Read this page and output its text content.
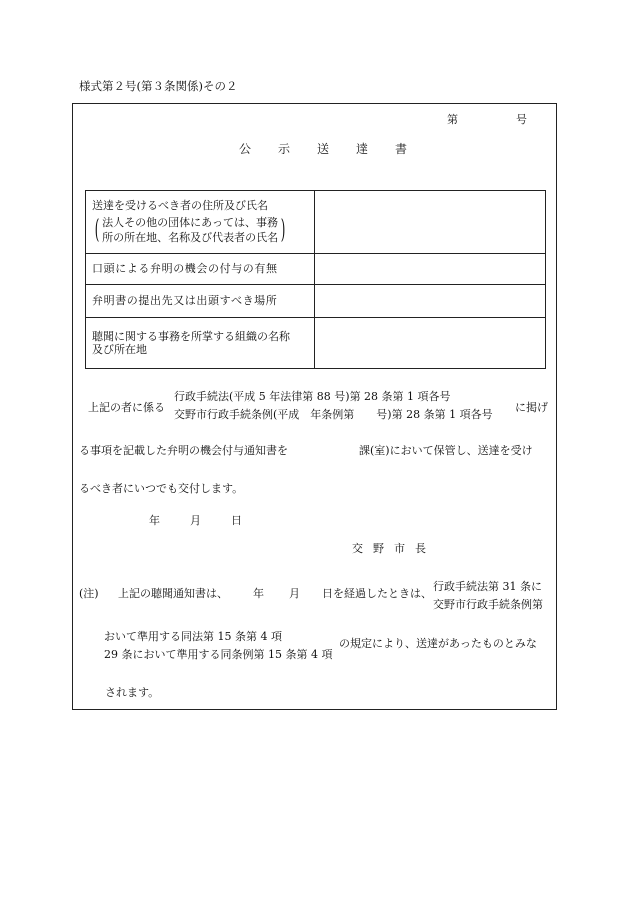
様式第２号(第３条関係)その２
第	号
公示送達書
送達を受けるべき者の住所及び氏名
( 法人その他の団体にあっては、事務
所の所在地、名称及び代表者の氏名 )	

口頭による弁明の機会の付与の有無	
弁明書の提出先又は出頭すべき場所	

聴聞に関する事務を所掌する組織の名称
及び所在地	

上記の者に係る
行政手続法(平成 5 年法律第 88 号)第 28 条第 1 項各号
交野市行政手続条例(平成　年条例第　　号)第 28 条第 1 項各号
に掲げ
る事項を記載した弁明の機会付与通知書を	課(室)において保管し、送達を受け
るべき者にいつでも交付します。
年	月	日
交野市長
(注) 上記の聴聞通知書は、 年 月 日を経過したときは、
行政手続法第 31 条に
交野市行政手続条例第
おいて準用する同法第 15 条第 4 項
29 条において準用する同条例第 15 条第 4 項
の規定により、送達があったものとみな
されます。
